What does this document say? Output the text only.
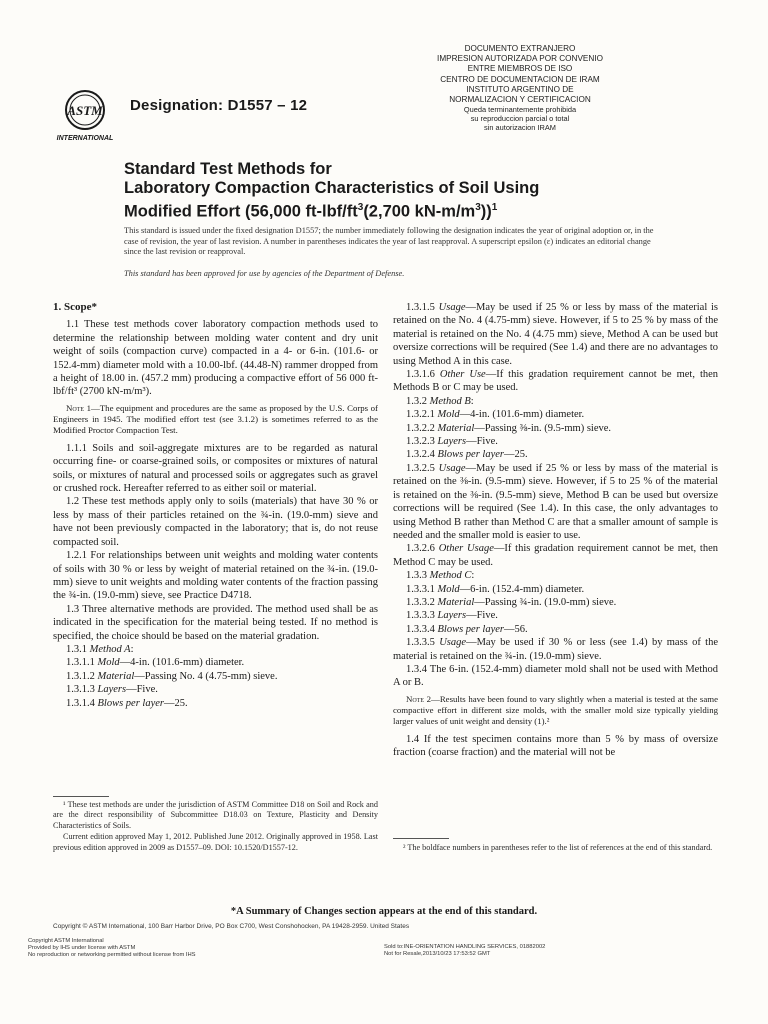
ASTM
INTERNATIONAL
Designation: D1557 – 12
DOCUMENTO EXTRANJERO
IMPRESION AUTORIZADA POR CONVENIO
ENTRE MIEMBROS DE ISO
CENTRO DE DOCUMENTACION DE IRAM
INSTITUTO ARGENTINO DE
NORMALIZACION Y CERTIFICACION
Queda terminantemente prohibida
su reproduccion parcial o total
sin autorizacion IRAM
Standard Test Methods for
Laboratory Compaction Characteristics of Soil Using
Modified Effort (56,000 $ft-lbf/ft^3(2,700$ $kN-m/m^3))^1$
This standard is issued under the fixed designation D1557; the number immediately following the designation indicates the year of original adoption or, in the case of revision, the year of last revision. A number in parentheses indicates the year of last reapproval. A superscript epsilon (ε) indicates an editorial change since the last revision or reapproval.
This standard has been approved for use by agencies of the Department of Defense.

1. Scope*

1.1 These test methods cover laboratory compaction methods used to determine the relationship between molding water content and dry unit weight of soils (compaction curve) compacted in a 4- or 6-in. (101.6- or 152.4-mm) diameter mold with a 10.00-lbf. (44.48-N) rammer dropped from a height of 18.00 in. (457.2 mm) producing a compactive effort of 56 000 ft-lbf/ft³ (2700 kN-m/m³).

Note 1—The equipment and procedures are the same as proposed by the U.S. Corps of Engineers in 1945. The modified effort test (see 3.1.2) is sometimes referred to as the Modified Proctor Compaction Test.

1.1.1 Soils and soil-aggregate mixtures are to be regarded as natural occurring fine- or coarse-grained soils, or composites or mixtures of natural soils, or mixtures of natural and processed soils or aggregates such as gravel or crushed rock. Hereafter referred to as either soil or material.

1.2 These test methods apply only to soils (materials) that have 30 % or less by mass of their particles retained on the ¾-in. (19.0-mm) sieve and have not been previously compacted in the laboratory; that is, do not reuse compacted soil.

1.2.1 For relationships between unit weights and molding water contents of soils with 30 % or less by weight of material retained on the ¾-in. (19.0-mm) sieve to unit weights and molding water contents of the fraction passing the ¾-in. (19.0-mm) sieve, see Practice D4718.

1.3 Three alternative methods are provided. The method used shall be as indicated in the specification for the material being tested. If no method is specified, the choice should be based on the material gradation.

1.3.1 Method A:

1.3.1.1 Mold—4-in. (101.6-mm) diameter.

1.3.1.2 Material—Passing No. 4 (4.75-mm) sieve.

1.3.1.3 Layers—Five.

1.3.1.4 Blows per layer—25.

1.3.1.5 Usage—May be used if 25 % or less by mass of the material is retained on the No. 4 (4.75-mm) sieve. However, if 5 to 25 % by mass of the material is retained on the No. 4 (4.75 mm) sieve, Method A can be used but oversize corrections will be required (See 1.4) and there are no advantages to using Method A in this case.

1.3.1.6 Other Use—If this gradation requirement cannot be met, then Methods B or C may be used.

1.3.2 Method B:

1.3.2.1 Mold—4-in. (101.6-mm) diameter.

1.3.2.2 Material—Passing ⅜-in. (9.5-mm) sieve.

1.3.2.3 Layers—Five.

1.3.2.4 Blows per layer—25.

1.3.2.5 Usage—May be used if 25 % or less by mass of the material is retained on the ⅜-in. (9.5-mm) sieve. However, if 5 to 25 % of the material is retained on the ⅜-in. (9.5-mm) sieve, Method B can be used but oversize corrections will be required (See 1.4). In this case, the only advantages to using Method B rather than Method C are that a smaller amount of sample is needed and the smaller mold is easier to use.

1.3.2.6 Other Usage—If this gradation requirement cannot be met, then Method C may be used.

1.3.3 Method C:

1.3.3.1 Mold—6-in. (152.4-mm) diameter.

1.3.3.2 Material—Passing ¾-in. (19.0-mm) sieve.

1.3.3.3 Layers—Five.

1.3.3.4 Blows per layer—56.

1.3.3.5 Usage—May be used if 30 % or less (see 1.4) by mass of the material is retained on the ¾-in. (19.0-mm) sieve.

1.3.4 The 6-in. (152.4-mm) diameter mold shall not be used with Method A or B.

Note 2—Results have been found to vary slightly when a material is tested at the same compactive effort in different size molds, with the smaller mold size typically yielding larger values of unit weight and density (1).²

1.4 If the test specimen contains more than 5 % by mass of oversize fraction (coarse fraction) and the material will not be

¹ These test methods are under the jurisdiction of ASTM Committee D18 on Soil and Rock and are the direct responsibility of Subcommittee D18.03 on Texture, Plasticity and Density Characteristics of Soils.

Current edition approved May 1, 2012. Published June 2012. Originally approved in 1958. Last previous edition approved in 2009 as D1557–09. DOI: 10.1520/D1557-12.	² The boldface numbers in parentheses refer to the list of references at the end of this standard.
*A Summary of Changes section appears at the end of this standard.
Copyright © ASTM International, 100 Barr Harbor Drive, PO Box C700, West Conshohocken, PA 19428-2959. United States
Copyright ASTM International
Provided by IHS under license with ASTM
No reproduction or networking permitted without license from IHS
Sold to:INE-ORIENTATION HANDLING SERVICES, 01882002
Not for Resale,2013/10/23 17:53:52 GMT
